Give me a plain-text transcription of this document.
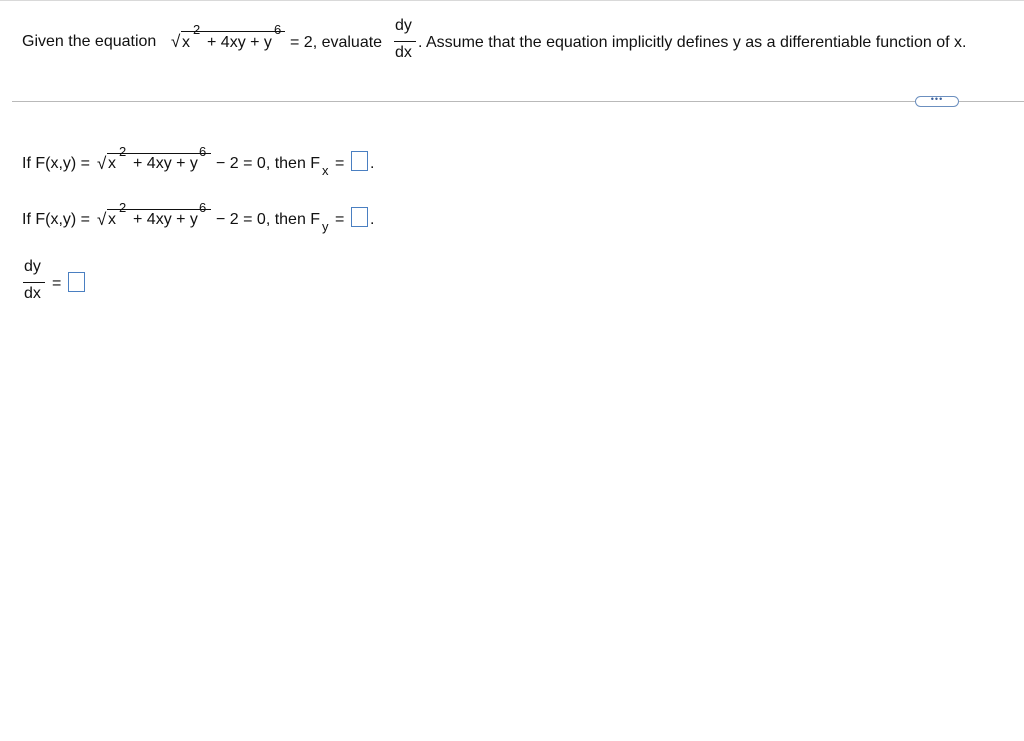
Given the equation √ x
2
+ 4xy + y
6
= 2, evaluate
dy
dx
. Assume that the equation implicitly defines y as a differentiable function of x.
•••
If F(x,y) = √ x
2
+ 4xy + y
6
− 2 = 0, then F x = .
If F(x,y) = √ x
2
+ 4xy + y
6
− 2 = 0, then F y = .
dy
dx
=
